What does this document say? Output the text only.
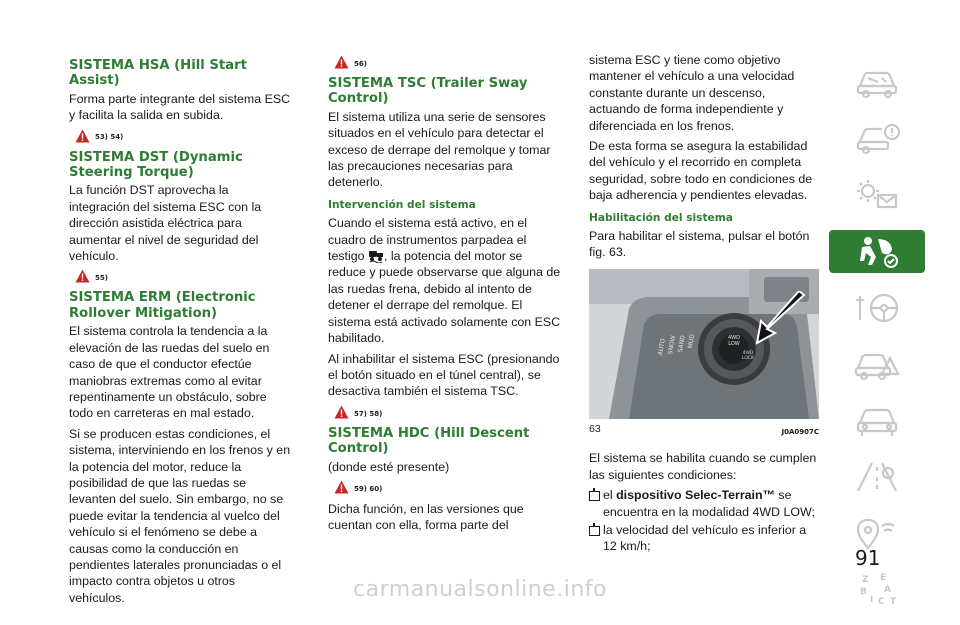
SISTEMA HSA (Hill Start Assist)

Forma parte integrante del sistema ESC y facilita la salida en subida.

53) 54)
SISTEMA DST (Dynamic Steering Torque)

La función DST aprovecha la integración del sistema ESC con la dirección asistida eléctrica para aumentar el nivel de seguridad del vehículo.

55)
SISTEMA ERM (Electronic Rollover Mitigation)

El sistema controla la tendencia a la elevación de las ruedas del suelo en caso de que el conductor efectúe maniobras extremas como al evitar repentinamente un obstáculo, sobre todo en carreteras en mal estado.

Si se producen estas condiciones, el sistema, interviniendo en los frenos y en la potencia del motor, reduce la posibilidad de que las ruedas se levanten del suelo. Sin embargo, no se puede evitar la tendencia al vuelco del vehículo si el fenómeno se debe a causas como la conducción en pendientes laterales pronunciadas o el impacto contra objetos u otros vehículos.

56)
SISTEMA TSC (Trailer Sway Control)

El sistema utiliza una serie de sensores situados en el vehículo para detectar el exceso de derrape del remolque y tomar las precauciones necesarias para detenerlo.

Intervención del sistema

Cuando el sistema está activo, en el cuadro de instrumentos parpadea el testigo , la potencia del motor se reduce y puede observarse que alguna de las ruedas frena, debido al intento de detener el derrape del remolque. El sistema está activado solamente con ESC habilitado.

Al inhabilitar el sistema ESC (presionando el botón situado en el túnel central), se desactiva también el sistema TSC.

57) 58)
SISTEMA HDC (Hill Descent Control)

(donde esté presente)

59) 60)

Dicha función, en las versiones que cuentan con ella, forma parte del

sistema ESC y tiene como objetivo mantener el vehículo a una velocidad constante durante un descenso, actuando de forma independiente y diferenciada en los frenos.

De esta forma se asegura la estabilidad del vehículo y el recorrido en completa seguridad, sobre todo en condiciones de baja adherencia y pendientes elevadas.

Habilitación del sistema

Para habilitar el sistema, pulsar el botón fig. 63.

AUTO SNOW SAND MUD	4WD LOW
4WD LOCK
63	J0A0907C

El sistema se habilita cuando se cumplen las siguientes condiciones:

el dispositivo Selec-Terrain™ se encuentra en la modalidad 4WD LOW;
la velocidad del vehículo es inferior a 12 km/h;
Z E
B A
I C T
91
carmanualsonline.info
